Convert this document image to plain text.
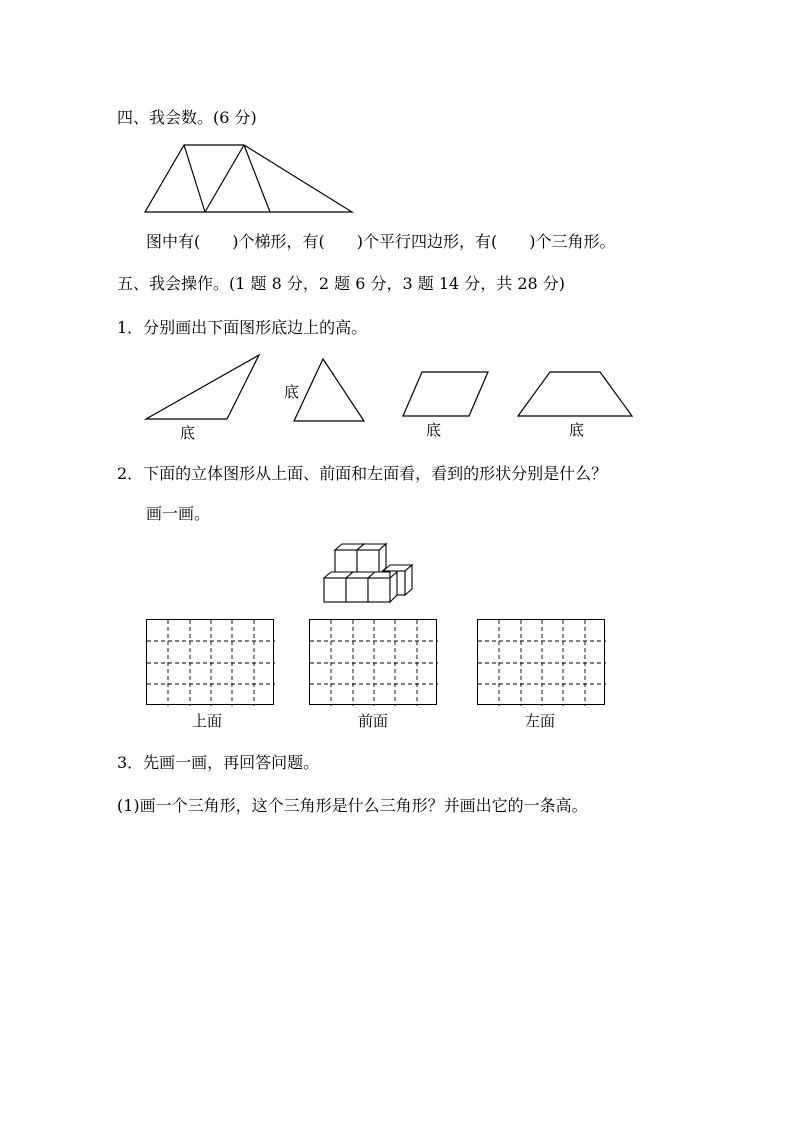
四、我会数。(6 分)

图中有(　　)个梯形，有(　　)个平行四边形，有(　　)个三角形。

五、我会操作。(1 题 8 分，2 题 6 分，3 题 14 分，共 28 分)

1．分别画出下面图形底边上的高。

底
底
底	底

2．下面的立体图形从上面、前面和左面看，看到的形状分别是什么？

画一画。

上面	前面	左面

3．先画一画，再回答问题。

(1)画一个三角形，这个三角形是什么三角形？并画出它的一条高。
